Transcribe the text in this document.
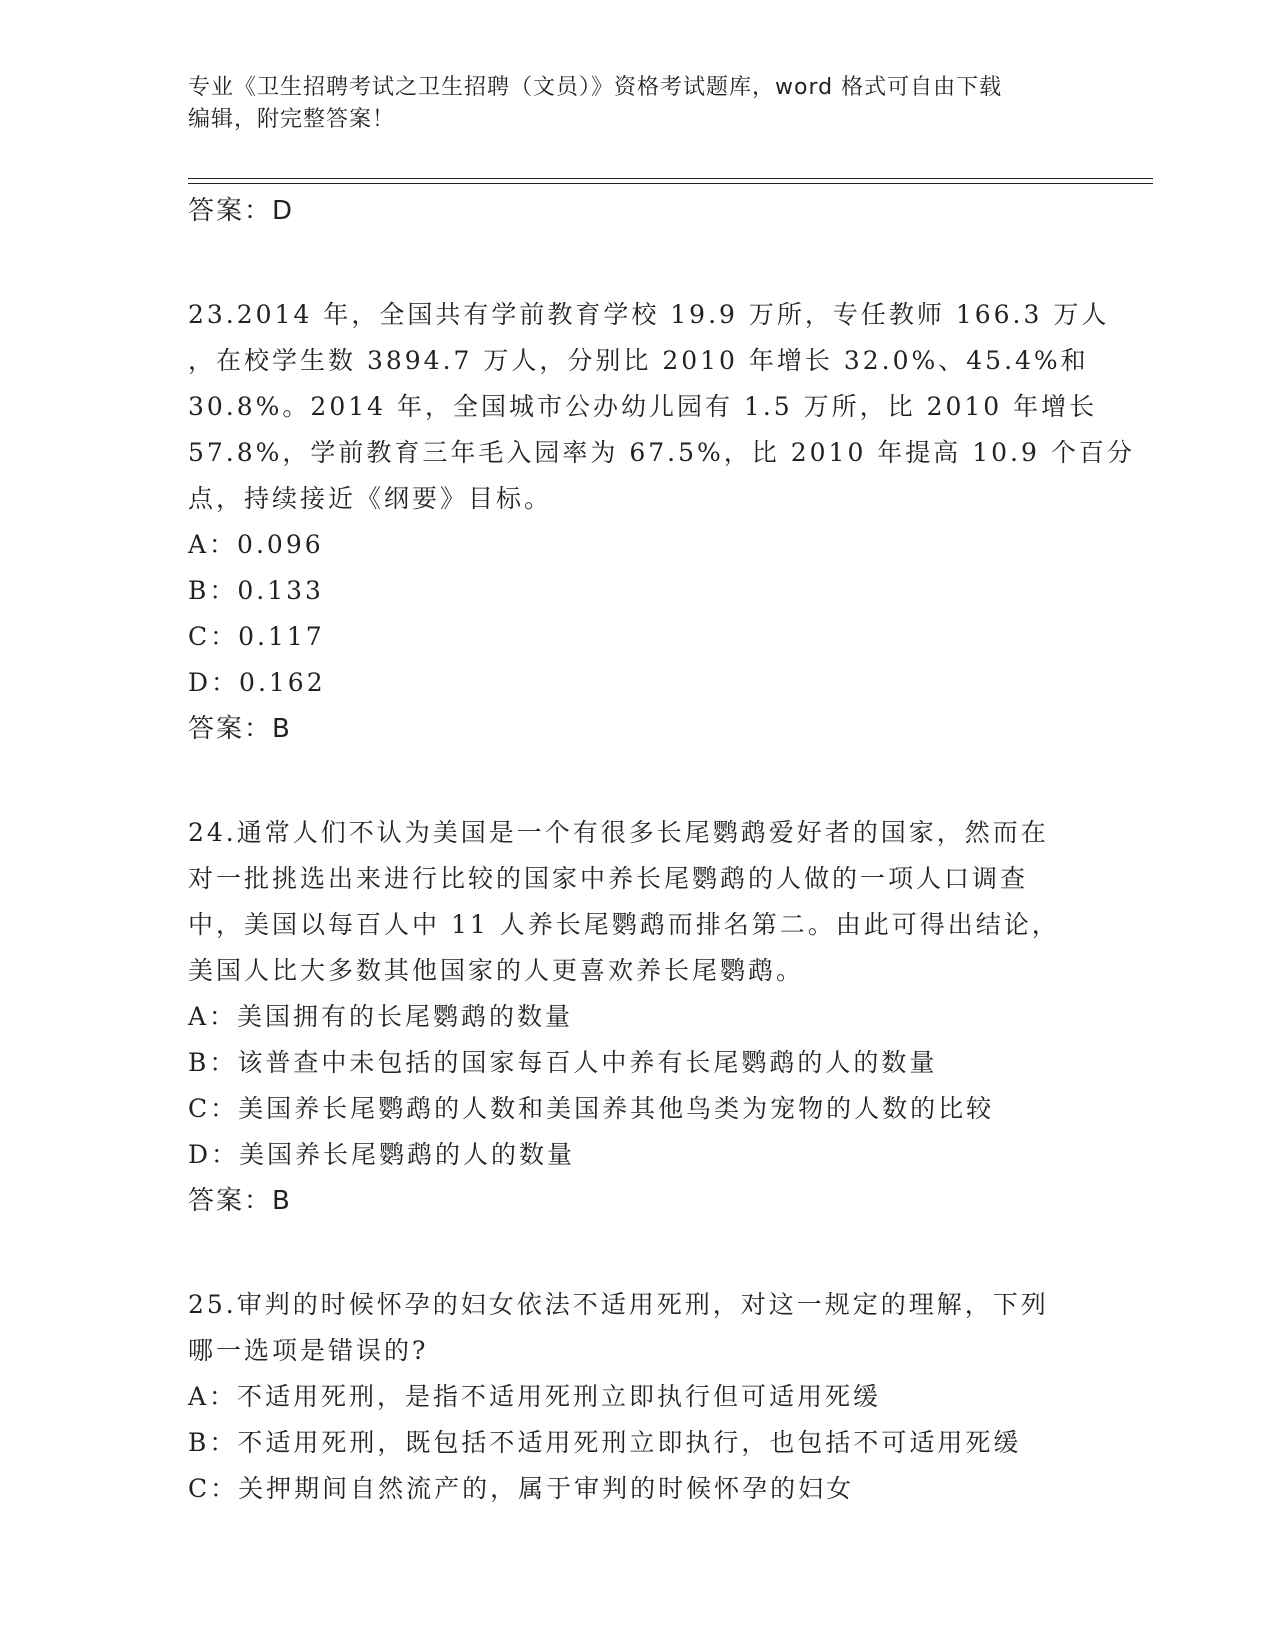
专业《卫生招聘考试之卫生招聘（文员）》资格考试题库，word 格式可自由下载
编辑，附完整答案！
答案：D
23.2014 年，全国共有学前教育学校 19.9 万所，专任教师 166.3 万人
，在校学生数 3894.7 万人，分别比 2010 年增长 32.0%、45.4%和
30.8%。2014 年，全国城市公办幼儿园有 1.5 万所，比 2010 年增长
57.8%，学前教育三年毛入园率为 67.5%，比 2010 年提高 10.9 个百分
点，持续接近《纲要》目标。
A：0.096
B：0.133
C：0.117
D：0.162
答案：B
24.通常人们不认为美国是一个有很多长尾鹦鹉爱好者的国家，然而在
对一批挑选出来进行比较的国家中养长尾鹦鹉的人做的一项人口调查
中，美国以每百人中 11 人养长尾鹦鹉而排名第二。由此可得出结论，
美国人比大多数其他国家的人更喜欢养长尾鹦鹉。
A：美国拥有的长尾鹦鹉的数量
B：该普查中未包括的国家每百人中养有长尾鹦鹉的人的数量
C：美国养长尾鹦鹉的人数和美国养其他鸟类为宠物的人数的比较
D：美国养长尾鹦鹉的人的数量
答案：B
25.审判的时候怀孕的妇女依法不适用死刑，对这一规定的理解，下列
哪一选项是错误的?
A：不适用死刑，是指不适用死刑立即执行但可适用死缓
B：不适用死刑，既包括不适用死刑立即执行，也包括不可适用死缓
C：关押期间自然流产的，属于审判的时候怀孕的妇女
